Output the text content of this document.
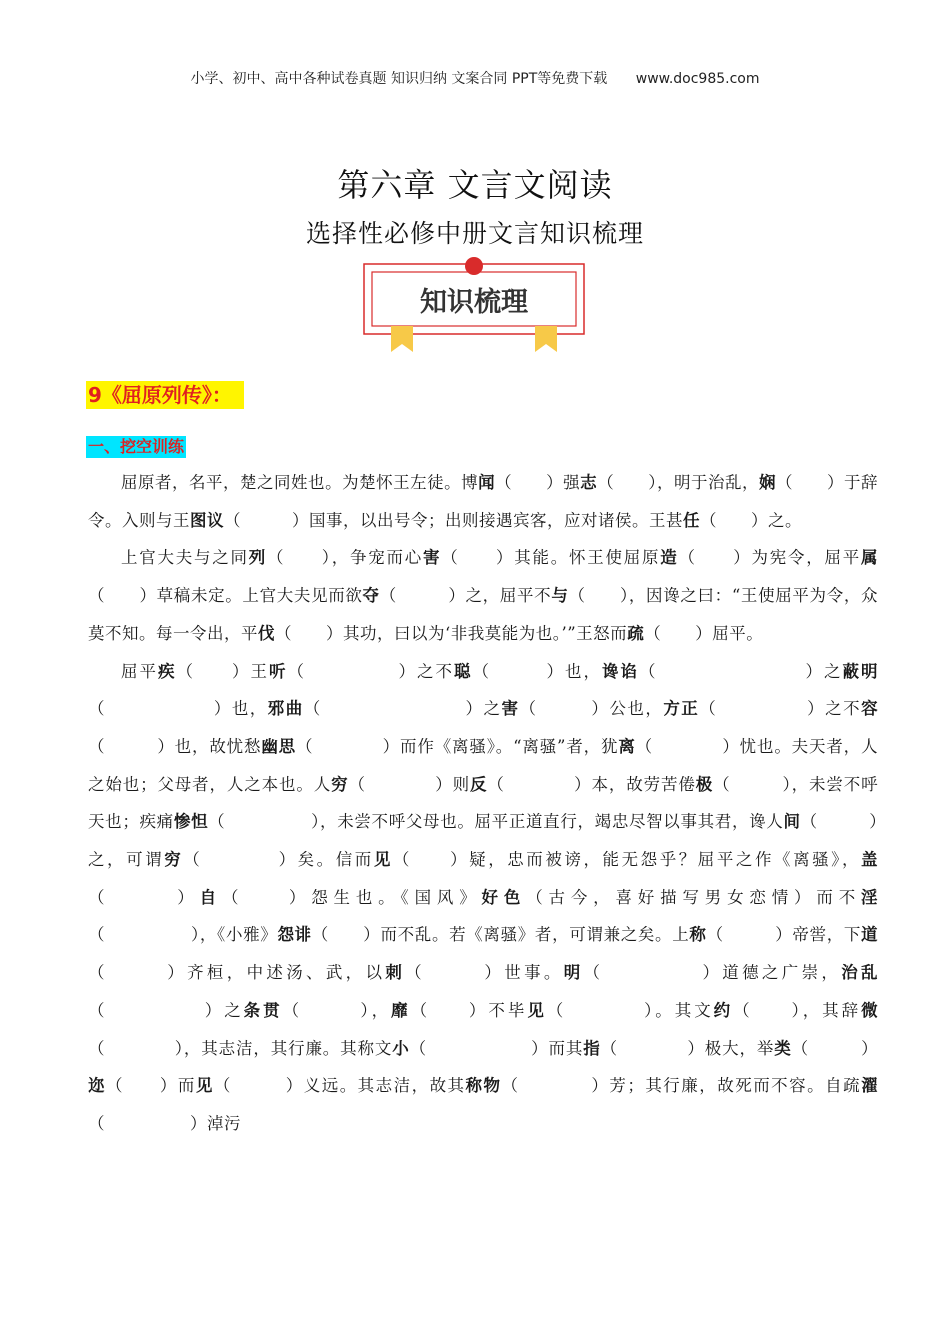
小学、初中、高中各种试卷真题 知识归纳 文案合同 PPT等免费下载 www.doc985.com
第六章 文言文阅读
选择性必修中册文言知识梳理
知识梳理
9《屈原列传》：
一、挖空训练

屈原者，名平，楚之同姓也。为楚怀王左徒。博闻（　　）强志（　　），明于治乱，娴（　　）于辞令。入则与王图议（　　　）国事，以出号令；出则接遇宾客，应对诸侯。王甚任（　　）之。

上官大夫与之同列（　　），争宠而心害（　　）其能。怀王使屈原造（　　）为宪令，屈平属（　　）草稿未定。上官大夫见而欲夺（　　　）之，屈平不与（　　），因谗之曰：“王使屈平为令，众莫不知。每一令出，平伐（　　）其功，曰以为‘非我莫能为也。’”王怒而疏（　　）屈平。

屈平疾（　　）王听（　　　　　）之不聪（　　　）也，谗谄（　　　　　　　　）之蔽明（　　　　　　）也，邪曲（　　　　　　　　）之害（　　　）公也，方正（　　　　　）之不容（　　　）也，故忧愁幽思（　　　　）而作《离骚》。“离骚”者，犹离（　　　　）忧也。夫天者，人之始也；父母者，人之本也。人穷（　　　　）则反（　　　　）本，故劳苦倦极（　　　），未尝不呼天也；疾痛惨怛（　　　　　），未尝不呼父母也。屈平正道直行，竭忠尽智以事其君，谗人间（　　　）之，可谓穷（　　　　）矣。信而见（　　）疑，忠而被谤，能无怨乎？屈平之作《离骚》，盖（　　　）自（　　）怨生也。《国风》好色（古今，喜好描写男女恋情）而不淫（　　　　　），《小雅》怨诽（　　）而不乱。若《离骚》者，可谓兼之矣。上称（　　　）帝喾，下道（　　　）齐桓，中述汤、武，以刺（　　　）世事。明（　　　　　）道德之广崇，治乱（　　　　　）之条贯（　　　），靡（　　）不毕见（　　　　）。其文约（　　），其辞微（　　　　），其志洁，其行廉。其称文小（　　　　　　）而其指（　　　　）极大，举类（　　　）迩（　　）而见（　　　）义远。其志洁，故其称物（　　　　）芳；其行廉，故死而不容。自疏濯（　　　　　）淖污
